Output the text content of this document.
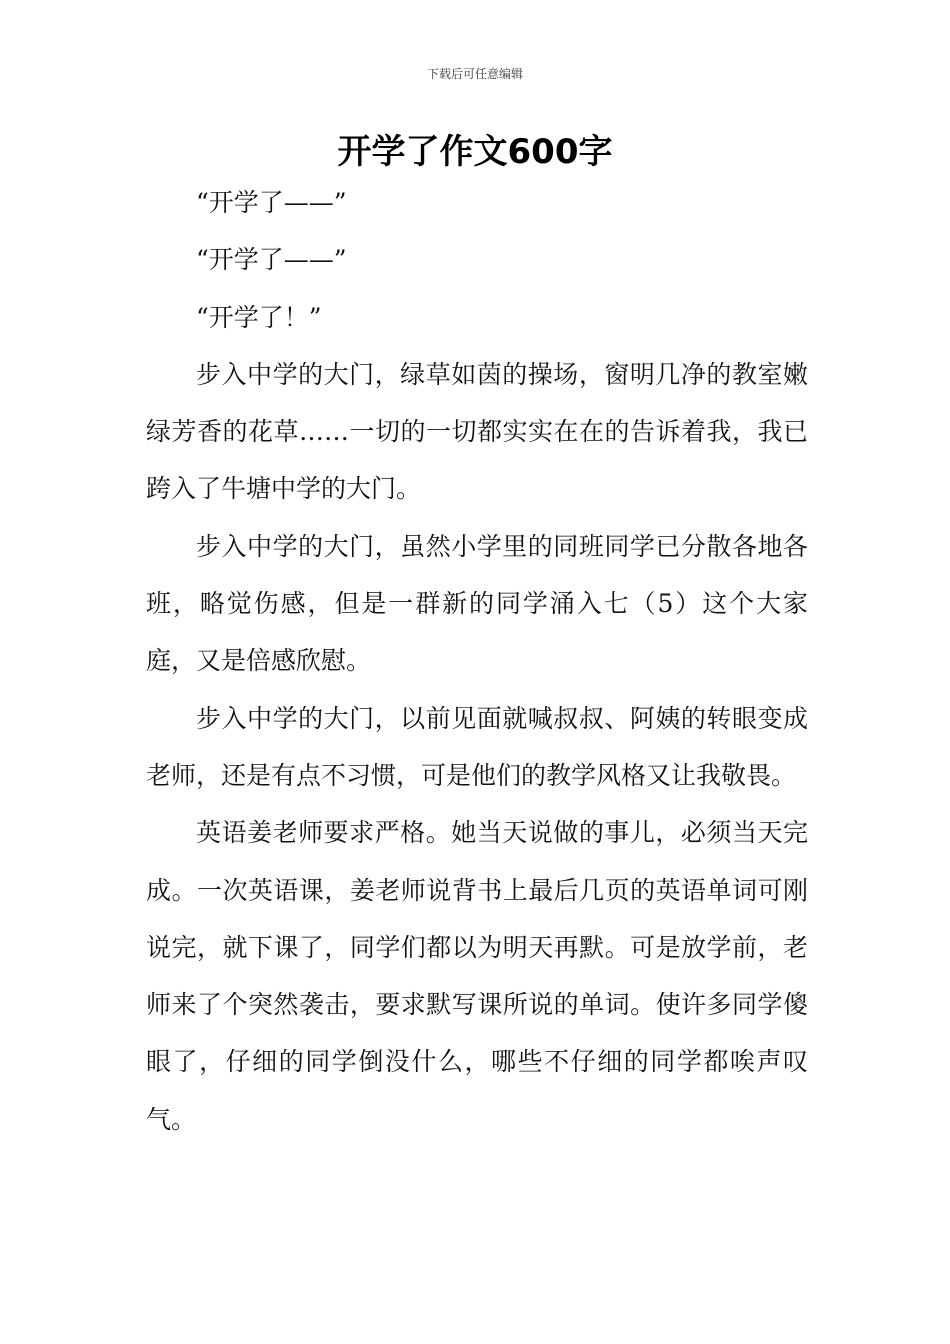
下载后可任意编辑
开学了作文600字

“开学了——”

“开学了——”

“开学了！”

步入中学的大门，绿草如茵的操场，窗明几净的教室嫩绿芳香的花草……一切的一切都实实在在的告诉着我，我已跨入了牛塘中学的大门。

步入中学的大门，虽然小学里的同班同学已分散各地各班，略觉伤感，但是一群新的同学涌入七（5）这个大家庭，又是倍感欣慰。

步入中学的大门，以前见面就喊叔叔、阿姨的转眼变成老师，还是有点不习惯，可是他们的教学风格又让我敬畏。

英语姜老师要求严格。她当天说做的事儿，必须当天完成。一次英语课，姜老师说背书上最后几页的英语单词可刚说完，就下课了，同学们都以为明天再默。可是放学前，老师来了个突然袭击，要求默写课所说的单词。使许多同学傻眼了，仔细的同学倒没什么，哪些不仔细的同学都唉声叹气。
